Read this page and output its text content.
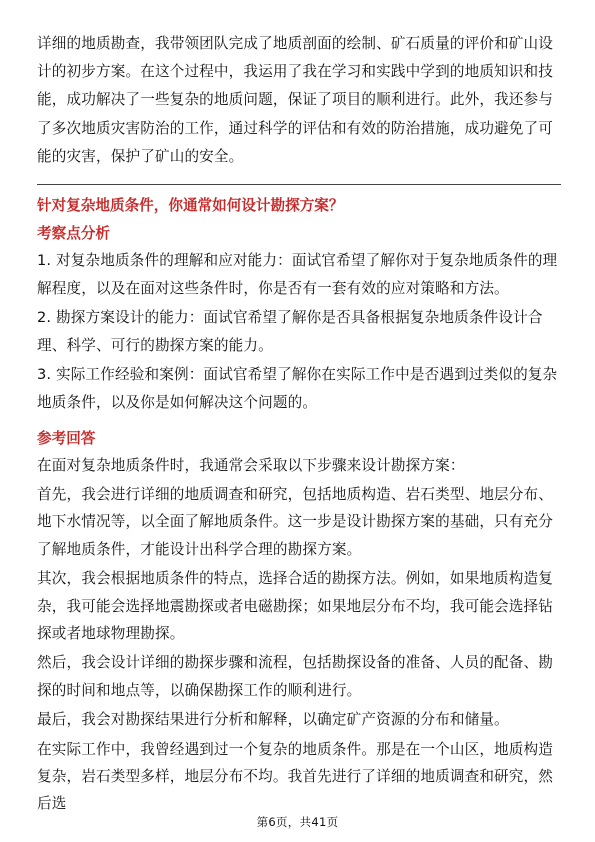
详细的地质勘查，我带领团队完成了地质剖面的绘制、矿石质量的评价和矿山设计的初步方案。在这个过程中，我运用了我在学习和实践中学到的地质知识和技能，成功解决了一些复杂的地质问题，保证了项目的顺利进行。此外，我还参与了多次地质灾害防治的工作，通过科学的评估和有效的防治措施，成功避免了可能的灾害，保护了矿山的安全。

针对复杂地质条件，你通常如何设计勘探方案？
考察点分析

1. 对复杂地质条件的理解和应对能力：面试官希望了解你对于复杂地质条件的理解程度，以及在面对这些条件时，你是否有一套有效的应对策略和方法。

2. 勘探方案设计的能力：面试官希望了解你是否具备根据复杂地质条件设计合理、科学、可行的勘探方案的能力。

3. 实际工作经验和案例：面试官希望了解你在实际工作中是否遇到过类似的复杂地质条件，以及你是如何解决这个问题的。

参考回答

在面对复杂地质条件时，我通常会采取以下步骤来设计勘探方案：

首先，我会进行详细的地质调查和研究，包括地质构造、岩石类型、地层分布、地下水情况等，以全面了解地质条件。这一步是设计勘探方案的基础，只有充分了解地质条件，才能设计出科学合理的勘探方案。

其次，我会根据地质条件的特点，选择合适的勘探方法。例如，如果地质构造复杂，我可能会选择地震勘探或者电磁勘探；如果地层分布不均，我可能会选择钻探或者地球物理勘探。

然后，我会设计详细的勘探步骤和流程，包括勘探设备的准备、人员的配备、勘探的时间和地点等，以确保勘探工作的顺利进行。

最后，我会对勘探结果进行分析和解释，以确定矿产资源的分布和储量。

在实际工作中，我曾经遇到过一个复杂的地质条件。那是在一个山区，地质构造复杂，岩石类型多样，地层分布不均。我首先进行了详细的地质调查和研究，然后选

第6页，共41页
